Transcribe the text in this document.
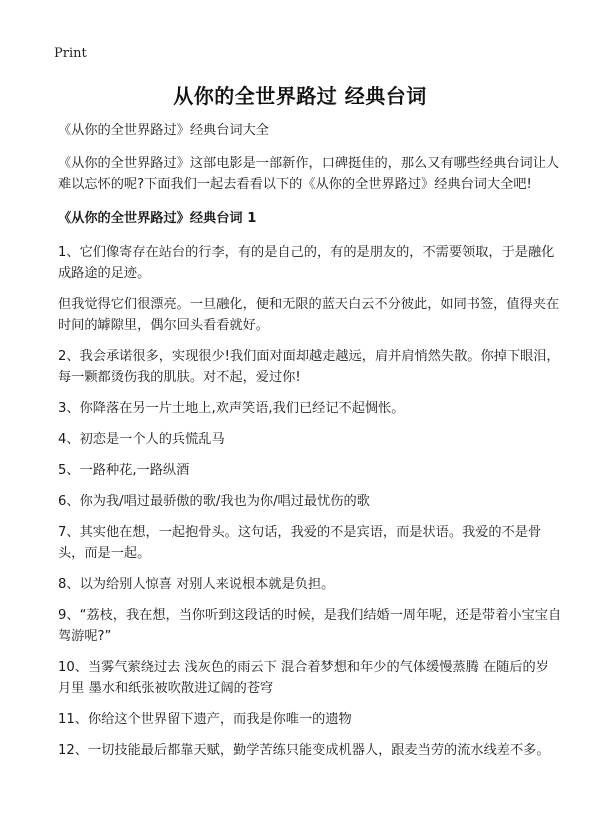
Print
从你的全世界路过 经典台词

《从你的全世界路过》经典台词大全

《从你的全世界路过》这部电影是一部新作，口碑挺佳的，那么又有哪些经典台词让人难以忘怀的呢?下面我们一起去看看以下的《从你的全世界路过》经典台词大全吧!

《从你的全世界路过》经典台词 1

1、它们像寄存在站台的行李，有的是自己的，有的是朋友的，不需要领取，于是融化成路途的足迹。

但我觉得它们很漂亮。一旦融化，便和无限的蓝天白云不分彼此，如同书签，值得夹在时间的罅隙里，偶尔回头看看就好。

2、我会承诺很多，实现很少!我们面对面却越走越远，肩并肩悄然失散。你掉下眼泪，每一颗都烫伤我的肌肤。对不起，爱过你!

3、你降落在另一片土地上,欢声笑语,我们已经记不起惆怅。

4、初恋是一个人的兵慌乱马

5、一路种花,一路纵酒

6、你为我/唱过最骄傲的歌/我也为你/唱过最忧伤的歌

7、其实他在想，一起抱骨头。这句话，我爱的不是宾语，而是状语。我爱的不是骨头，而是一起。

8、以为给别人惊喜 对别人来说根本就是负担。

9、“荔枝，我在想，当你听到这段话的时候，是我们结婚一周年呢，还是带着小宝宝自驾游呢?”

10、当雾气萦绕过去 浅灰色的雨云下 混合着梦想和年少的气体缓慢蒸腾 在随后的岁月里 墨水和纸张被吹散进辽阔的苍穹

11、你给这个世界留下遗产，而我是你唯一的遗物

12、一切技能最后都靠天赋，勤学苦练只能变成机器人，跟麦当劳的流水线差不多。
